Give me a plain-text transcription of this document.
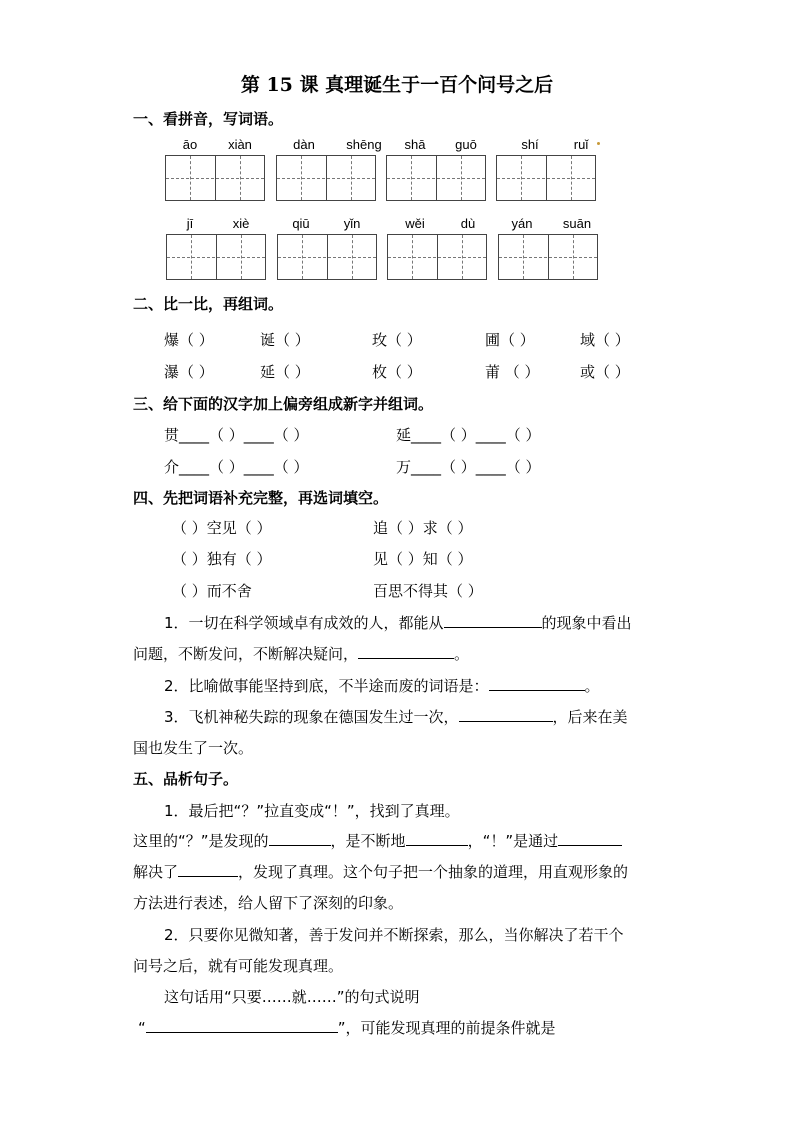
第 15 课 真理诞生于一百个问号之后
一、看拼音，写词语。
āo	xiàn	dàn	shēng	shā	guō	shí	ruǐ
jī	xiè	qiū	yǐn	wěi	dù	yán	suān
二、比一比，再组词。
爆（ ）	诞（ ）	玫（ ）	圃（ ）	域（ ）
瀑（ ）	延（ ）	枚（ ）	莆 （ ）	或（ ）
三、给下面的汉字加上偏旁组成新字并组词。
贯____（ ）____（ ）	延____（ ）____（ ）
介____（ ）____（ ）	万____（ ）____（ ）
四、先把词语补充完整，再选词填空。
（ ）空见（ ）	追（ ）求（ ）
（ ）独有（ ）	见（ ）知（ ）
（ ）而不舍	百思不得其（ ）
1．一切在科学领域卓有成效的人，都能从	的现象中看出
问题，不断发问，不断解决疑问，	。
2．比喻做事能坚持到底，不半途而废的词语是：	。
3．飞机神秘失踪的现象在德国发生过一次，	，后来在美
国也发生了一次。
五、品析句子。
1．最后把“？”拉直变成“！”，找到了真理。
这里的“？”是发现的	，是不断地	，“！”是通过
解决了	，发现了真理。这个句子把一个抽象的道理，用直观形象的
方法进行表述，给人留下了深刻的印象。
2．只要你见微知著，善于发问并不断探索，那么，当你解决了若干个
问号之后，就有可能发现真理。
这句话用“只要……就……”的句式说明
“	”，可能发现真理的前提条件就是
